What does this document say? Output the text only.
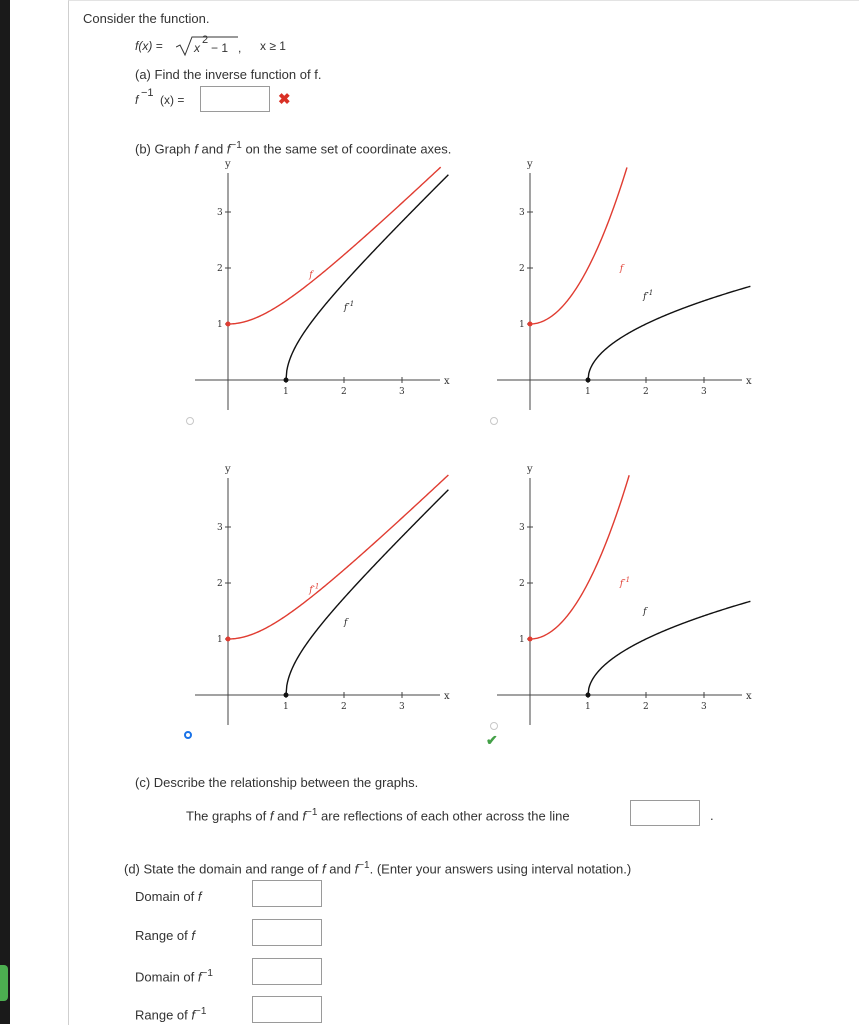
Consider the function.
f(x) =	x
2
− 1 , x ≥ 1
(a) Find the inverse function of f.
f −1 (x) =	✖
(b) Graph f and $f^{-1}$ on the same set of coordinate axes.
✔
x
y
1	2	3
1
2
3
f
$f^{-1}$
x
y
1	2	3
1
2
3
f
$f^{-1}$
x
y
1	2	3
1
2
3
$f^{-1}$
f
x
y
1	2	3
1
2
3
$f^{-1}$
f
(c) Describe the relationship between the graphs.
The graphs of f and $f^{-1}$ are reflections of each other across the line	.
(d) State the domain and range of f and $f^{-1}$. (Enter your answers using interval notation.)
Domain of f
Range of f
Domain of $f^{-1}$
Range of $f^{-1}$
